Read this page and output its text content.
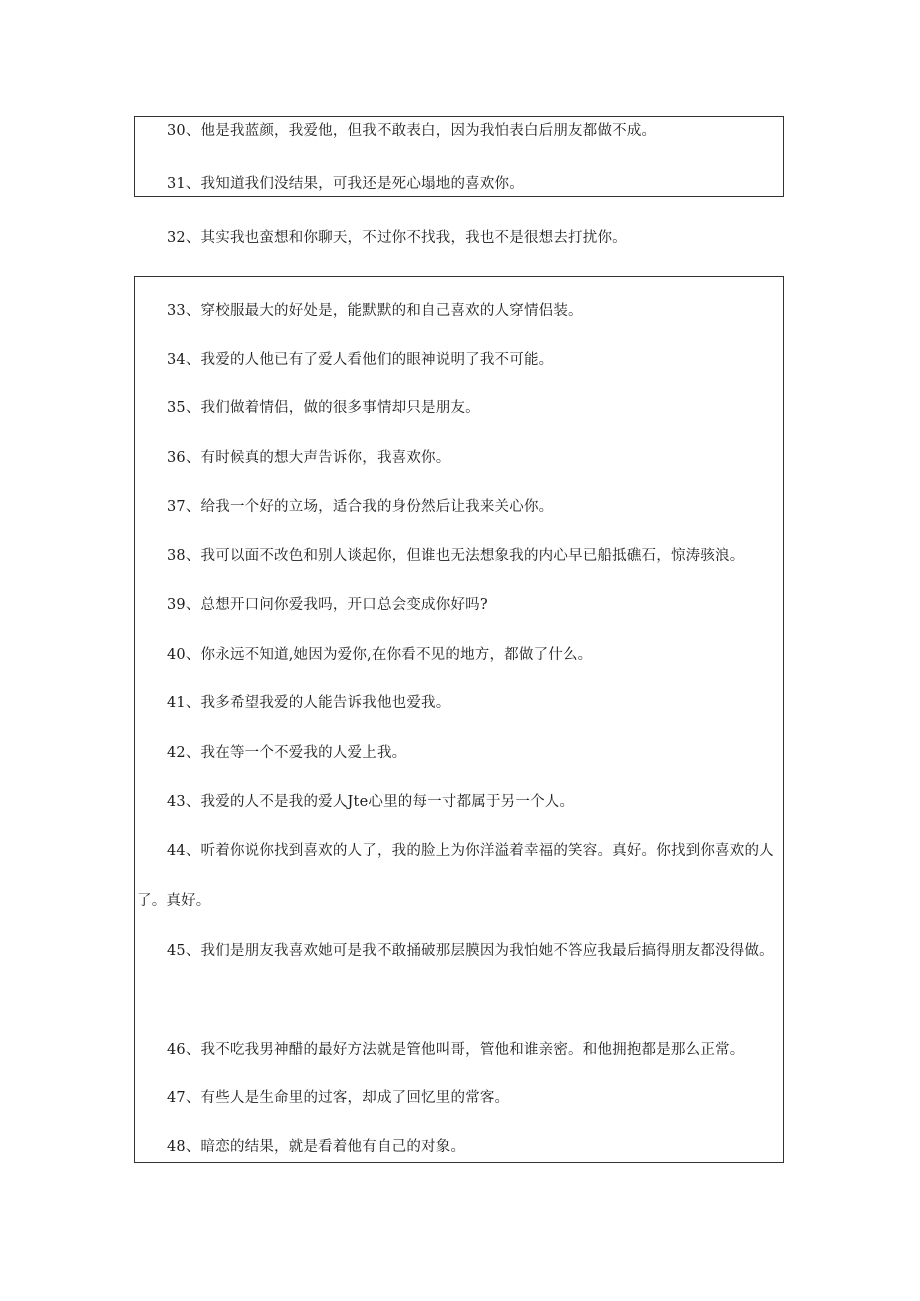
30、他是我蓝颜，我爱他，但我不敢表白，因为我怕表白后朋友都做不成。
31、我知道我们没结果，可我还是死心塌地的喜欢你。
32、其实我也蛮想和你聊天，不过你不找我，我也不是很想去打扰你。
33、穿校服最大的好处是，能默默的和自己喜欢的人穿情侣装。
34、我爱的人他已有了爱人看他们的眼神说明了我不可能。
35、我们做着情侣，做的很多事情却只是朋友。
36、有时候真的想大声告诉你，我喜欢你。
37、给我一个好的立场，适合我的身份然后让我来关心你。
38、我可以面不改色和别人谈起你，但谁也无法想象我的内心早已船抵礁石，惊涛骇浪。
39、总想开口问你爱我吗，开口总会变成你好吗?
40、你永远不知道,她因为爱你,在你看不见的地方，都做了什么。
41、我多希望我爱的人能告诉我他也爱我。
42、我在等一个不爱我的人爱上我。
43、我爱的人不是我的爱人Jte心里的每一寸都属于另一个人。
44、听着你说你找到喜欢的人了，我的脸上为你洋溢着幸福的笑容。真好。你找到你喜欢的人了。真好。
45、我们是朋友我喜欢她可是我不敢捅破那层膜因为我怕她不答应我最后搞得朋友都没得做。
46、我不吃我男神醋的最好方法就是管他叫哥，管他和谁亲密。和他拥抱都是那么正常。
47、有些人是生命里的过客，却成了回忆里的常客。
48、暗恋的结果，就是看着他有自己的对象。
